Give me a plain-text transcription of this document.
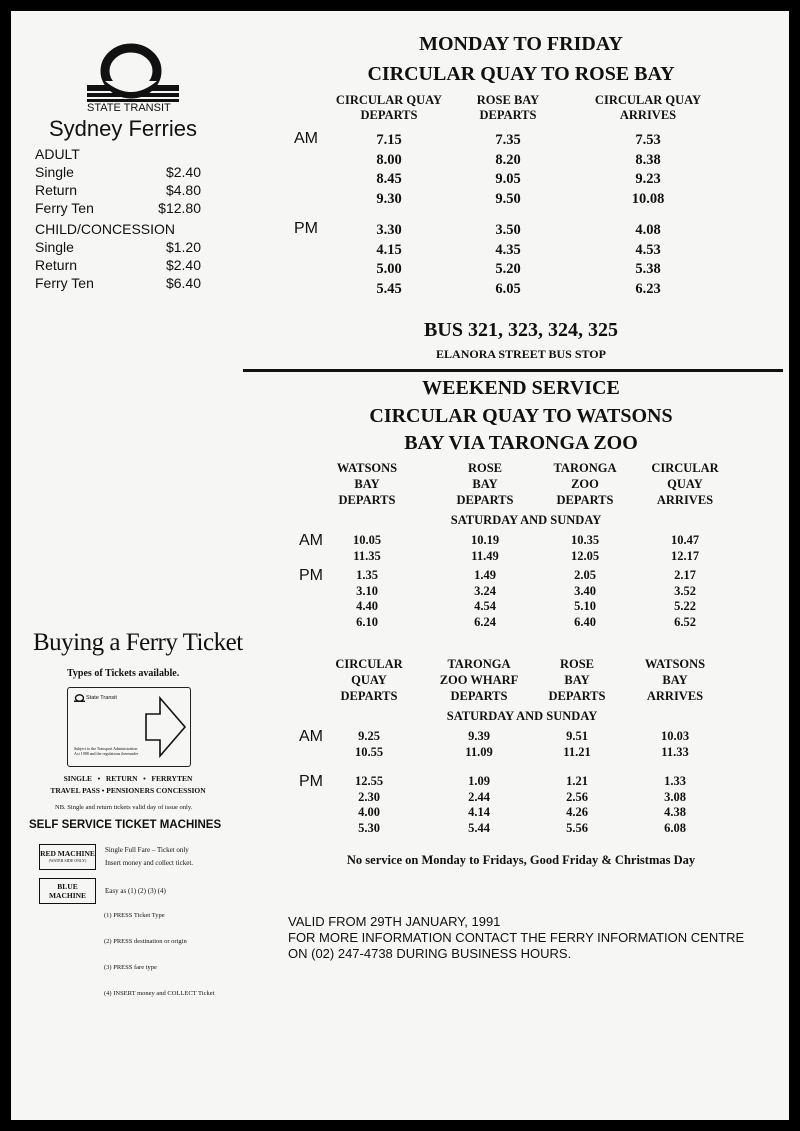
STATE TRANSIT
Sydney Ferries
ADULT
Single	$2.40
Return	$4.80
Ferry Ten	$12.80
CHILD/CONCESSION
Single	$1.20
Return	$2.40
Ferry Ten	$6.40
MONDAY TO FRIDAY
CIRCULAR QUAY TO ROSE BAY
CIRCULAR QUAY
DEPARTS
ROSE BAY
DEPARTS
CIRCULAR QUAY
ARRIVES
AM	7.15	7.35	7.53
8.00	8.20	8.38
8.45	9.05	9.23
9.30	9.50	10.08
PM	3.30	3.50	4.08
4.15	4.35	4.53
5.00	5.20	5.38
5.45	6.05	6.23
BUS 321, 323, 324, 325
ELANORA STREET BUS STOP
WEEKEND SERVICE
CIRCULAR QUAY TO WATSONS
BAY VIA TARONGA ZOO
WATSONS
BAY
DEPARTS
ROSE
BAY
DEPARTS
TARONGA
ZOO
DEPARTS
CIRCULAR
QUAY
ARRIVES
SATURDAY AND SUNDAY
AM	10.05	10.19	10.35	10.47
11.35	11.49	12.05	12.17
PM	1.35	1.49	2.05	2.17
3.10	3.24	3.40	3.52
4.40	4.54	5.10	5.22
6.10	6.24	6.40	6.52
CIRCULAR
QUAY
DEPARTS
TARONGA
ZOO WHARF
DEPARTS
ROSE
BAY
DEPARTS
WATSONS
BAY
ARRIVES
SATURDAY AND SUNDAY
AM	9.25	9.39	9.51	10.03
10.55	11.09	11.21	11.33
PM	12.55	1.09	1.21	1.33
2.30	2.44	2.56	3.08
4.00	4.14	4.26	4.38
5.30	5.44	5.56	6.08
No service on Monday to Fridays, Good Friday & Christmas Day
VALID FROM 29TH JANUARY, 1991
FOR MORE INFORMATION CONTACT THE FERRY INFORMATION CENTRE
ON (02) 247-4738 DURING BUSINESS HOURS.
Buying a Ferry Ticket
Types of Tickets available.
State Transit
Subject to the Transport Administration Act 1988 and the regulations thereunder
SINGLE   •   RETURN   •   FERRYTEN
TRAVEL PASS • PENSIONERS CONCESSION
NB. Single and return tickets valid day of issue only.
SELF SERVICE TICKET MACHINES
RED MACHINE
(WATER SIDE ONLY)
Single Full Fare – Ticket only
Insert money and collect ticket.
BLUE
MACHINE	Easy as (1) (2) (3) (4)
(1) PRESS Ticket Type
(2) PRESS destination or origin
(3) PRESS fare type
(4) INSERT money and COLLECT Ticket
